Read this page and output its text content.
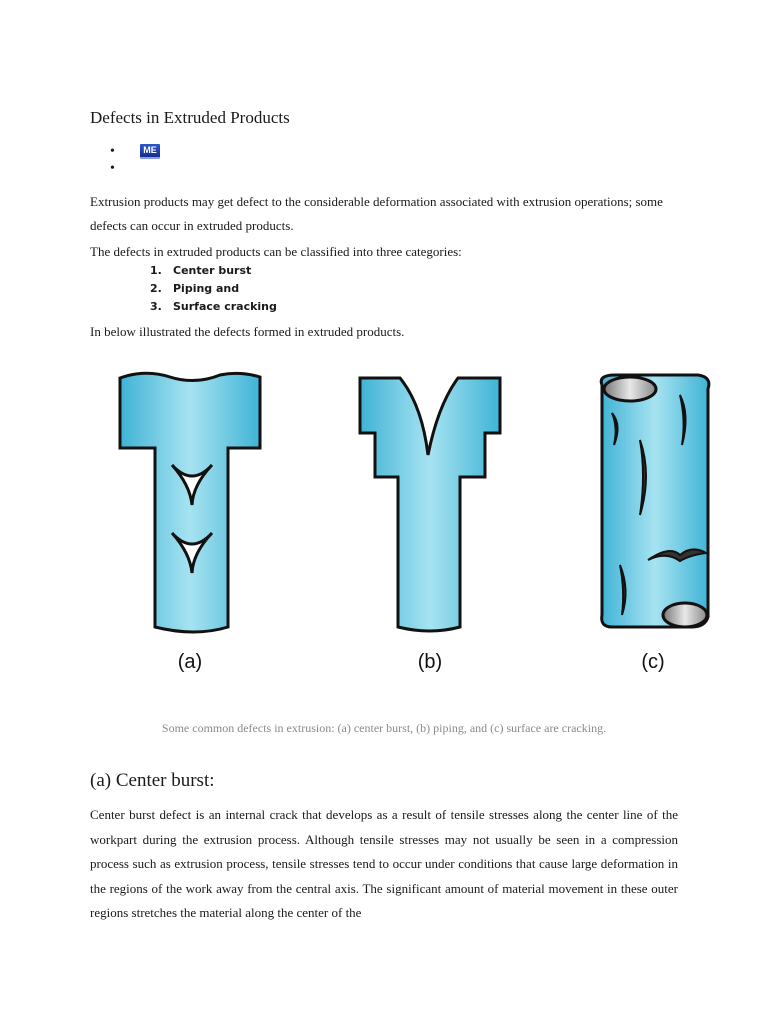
Defects in Extruded Products
• ME
•

Extrusion products may get defect to the considerable deformation associated with extrusion operations; some defects can occur in extruded products.

The defects in extruded products can be classified into three categories:

1. Center burst
2. Piping and
3. Surface cracking

In below illustrated the defects formed in extruded products.

(a)	(b)	(c)

Some common defects in extrusion: (a) center burst, (b) piping, and (c) surface are cracking.

(a) Center burst:

Center burst defect is an internal crack that develops as a result of tensile stresses along the center line of the workpart during the extrusion process. Although tensile stresses may not usually be seen in a compression process such as extrusion process, tensile stresses tend to occur under conditions that cause large deformation in the regions of the work away from the central axis. The significant amount of material movement in these outer regions stretches the material along the center of the
